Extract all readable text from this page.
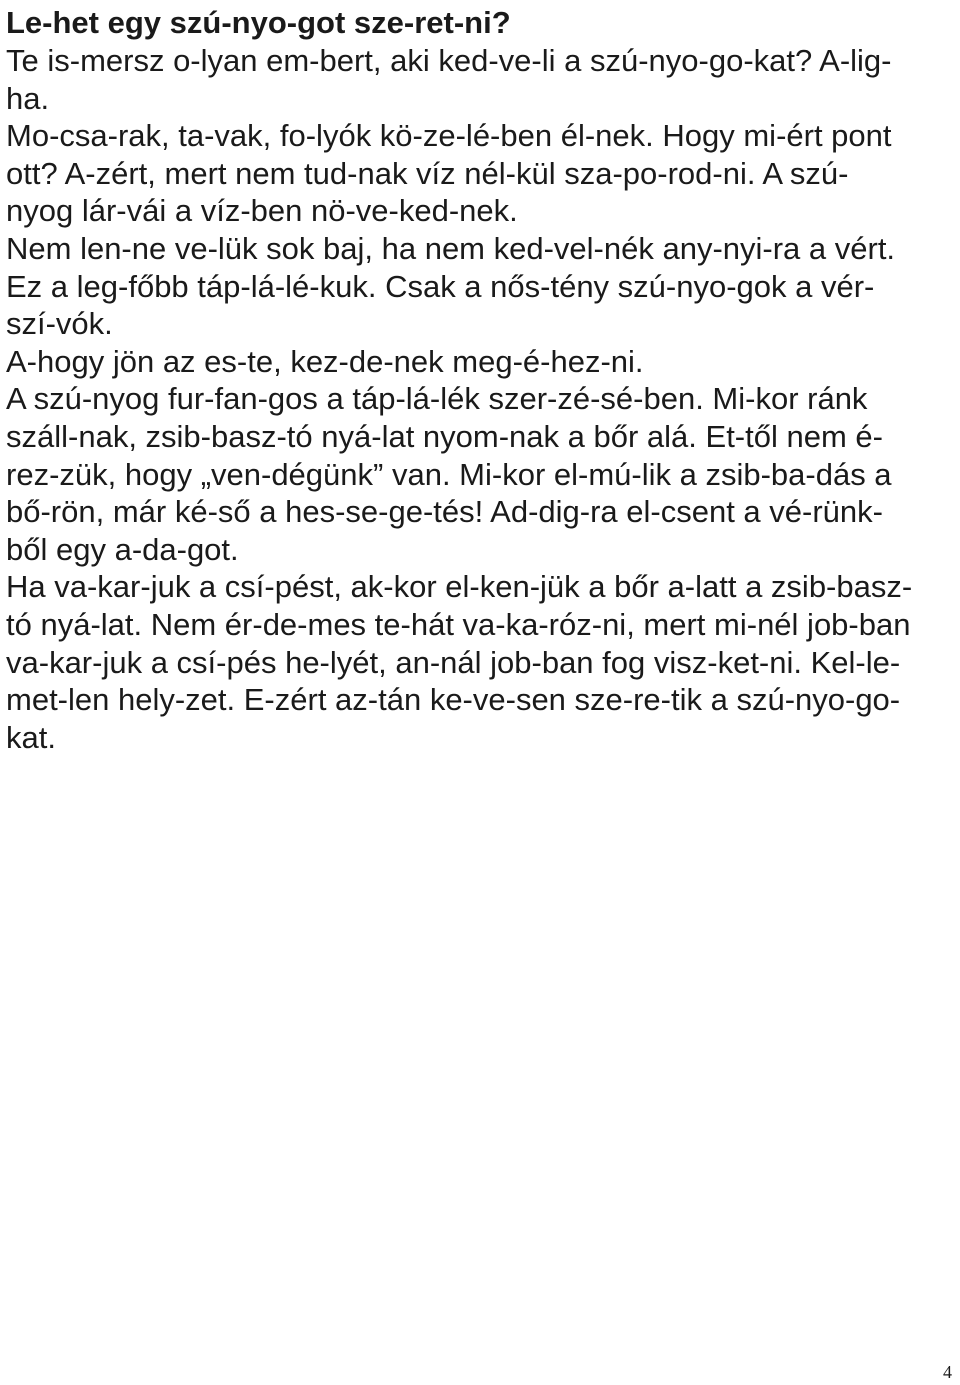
Le-het egy szú-nyo-got sze-ret-ni?

Te is-mersz o-lyan em-bert, aki ked-ve-li a szú-nyo-go-kat? A-lig-

ha.

Mo-csa-rak, ta-vak, fo-lyók kö-ze-lé-ben él-nek. Hogy mi-ért pont

ott? A-zért, mert nem tud-nak víz nél-kül sza-po-rod-ni. A szú-

nyog lár-vái a víz-ben nö-ve-ked-nek.

Nem len-ne ve-lük sok baj, ha nem ked-vel-nék any-nyi-ra a vért.

Ez a leg-főbb táp-lá-lé-kuk. Csak a nős-tény szú-nyo-gok a vér-

szí-vók.

A-hogy jön az es-te, kez-de-nek meg-é-hez-ni.

A szú-nyog fur-fan-gos a táp-lá-lék szer-zé-sé-ben. Mi-kor ránk

száll-nak, zsib-basz-tó nyá-lat nyom-nak a bőr alá. Et-től nem é-

rez-zük, hogy „ven-dégünk” van. Mi-kor el-mú-lik a zsib-ba-dás a

bő-rön, már ké-ső a hes-se-ge-tés! Ad-dig-ra el-csent a vé-rünk-

ből egy a-da-got.

Ha va-kar-juk a csí-pést, ak-kor el-ken-jük a bőr a-latt a zsib-basz-

tó nyá-lat. Nem ér-de-mes te-hát va-ka-róz-ni, mert mi-nél job-ban

va-kar-juk a csí-pés he-lyét, an-nál job-ban fog visz-ket-ni. Kel-le-

met-len hely-zet. E-zért az-tán ke-ve-sen sze-re-tik a szú-nyo-go-

kat.

4
